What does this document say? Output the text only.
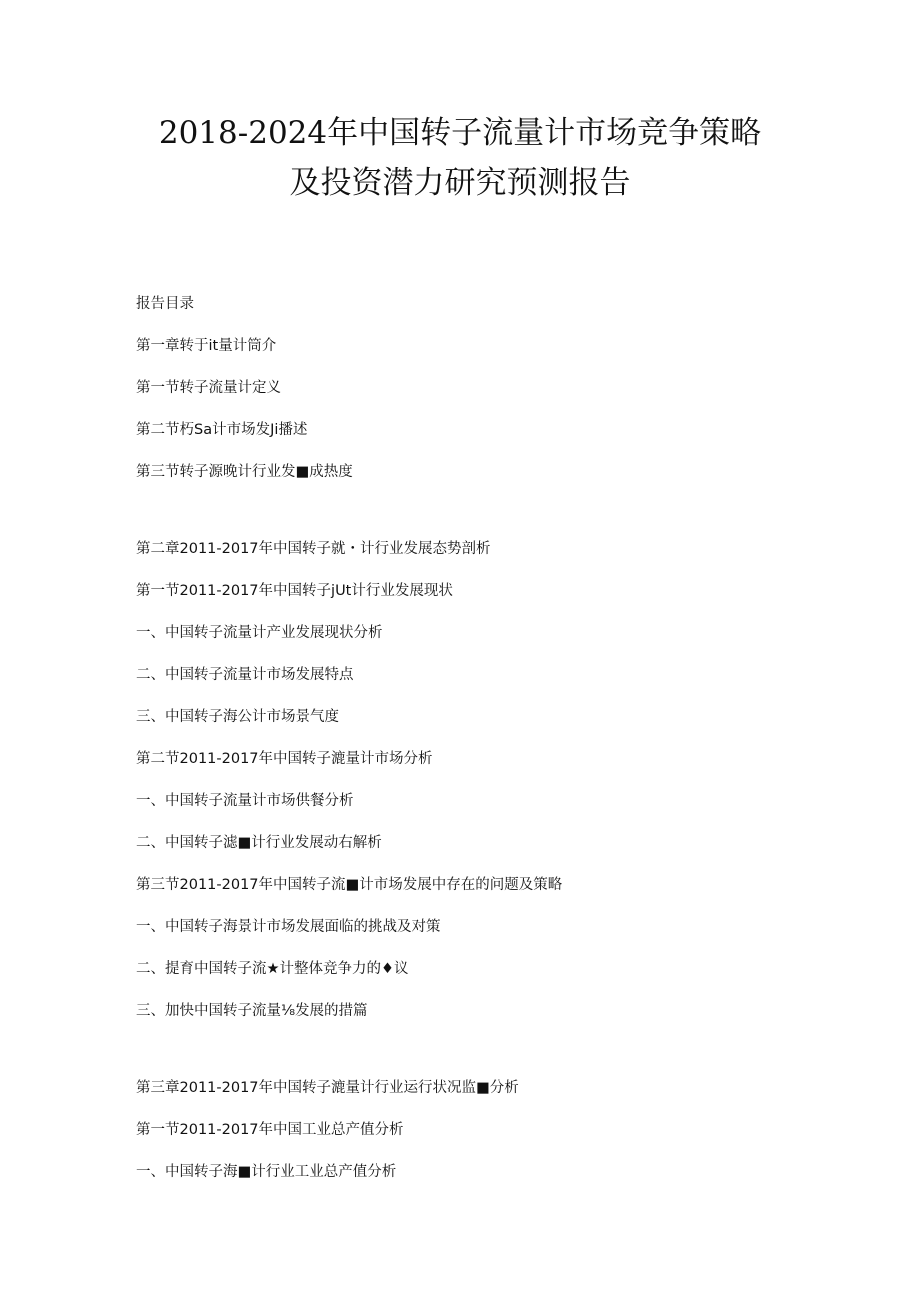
2018-2024年中国转子流量计市场竞争策略
及投资潜力研究预测报告
报告目录
第一章转于it量计筒介
第一节转子流量计定义
第二节朽Sa计市场发Ji播述
第三节转子源晚计行业发■成热度
第二章2011-2017年中国转子就・计行业发展态势剖析
第一节2011-2017年中国转子jUt计行业发展现状
一、中国转子流量计产业发展现状分析
二、中国转子流量计市场发展特点
三、中国转子海公计市场景气度
第二节2011-2017年中国转子漉量计市场分析
一、中国转子流量计市场供餐分析
二、中国转子滤■计行业发展动右解析
第三节2011-2017年中国转子流■计市场发展中存在的问题及策略
一、中国转子海景计市场发展面临的挑战及对策
二、提育中国转子流★计整体竞争力的♦议
三、加快中国转子流量⅛发展的措篇
第三章2011-2017年中国转子漉量计行业运行状况监■分析
第一节2011-2017年中国工业总产值分析
一、中国转子海■计行业工业总产值分析
